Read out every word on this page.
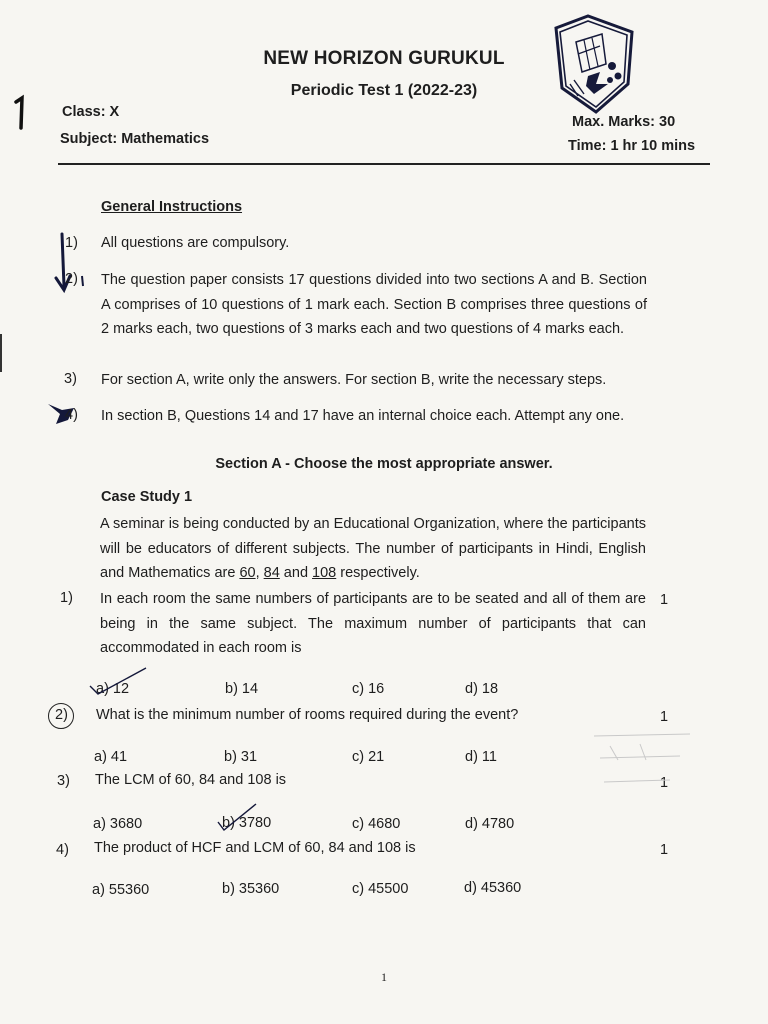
NEW HORIZON GURUKUL
Periodic Test 1 (2022-23)
Class: X
Subject: Mathematics
Max. Marks: 30
Time: 1 hr 10 mins
General Instructions
1) All questions are compulsory.
2) The question paper consists 17 questions divided into two sections A and B. Section A comprises of 10 questions of 1 mark each. Section B comprises three questions of 2 marks each, two questions of 3 marks each and two questions of 4 marks each.
3) For section A, write only the answers. For section B, write the necessary steps.
4) In section B, Questions 14 and 17 have an internal choice each. Attempt any one.
Section A - Choose the most appropriate answer.
Case Study 1
A seminar is being conducted by an Educational Organization, where the participants will be educators of different subjects. The number of participants in Hindi, English and Mathematics are 60, 84 and 108 respectively.
1) In each room the same numbers of participants are to be seated and all of them are being in the same subject. The maximum number of participants that can accommodated in each room is
1
a) 12	b) 14	c) 16	d) 18
2) What is the minimum number of rooms required during the event?	1
a) 41	b) 31	c) 21	d) 11
3) The LCM of 60, 84 and 108 is	1
a) 3680	b) 3780	c) 4680	d) 4780
4) The product of HCF and LCM of 60, 84 and 108 is	1
a) 55360	b) 35360	c) 45500	d) 45360
1
